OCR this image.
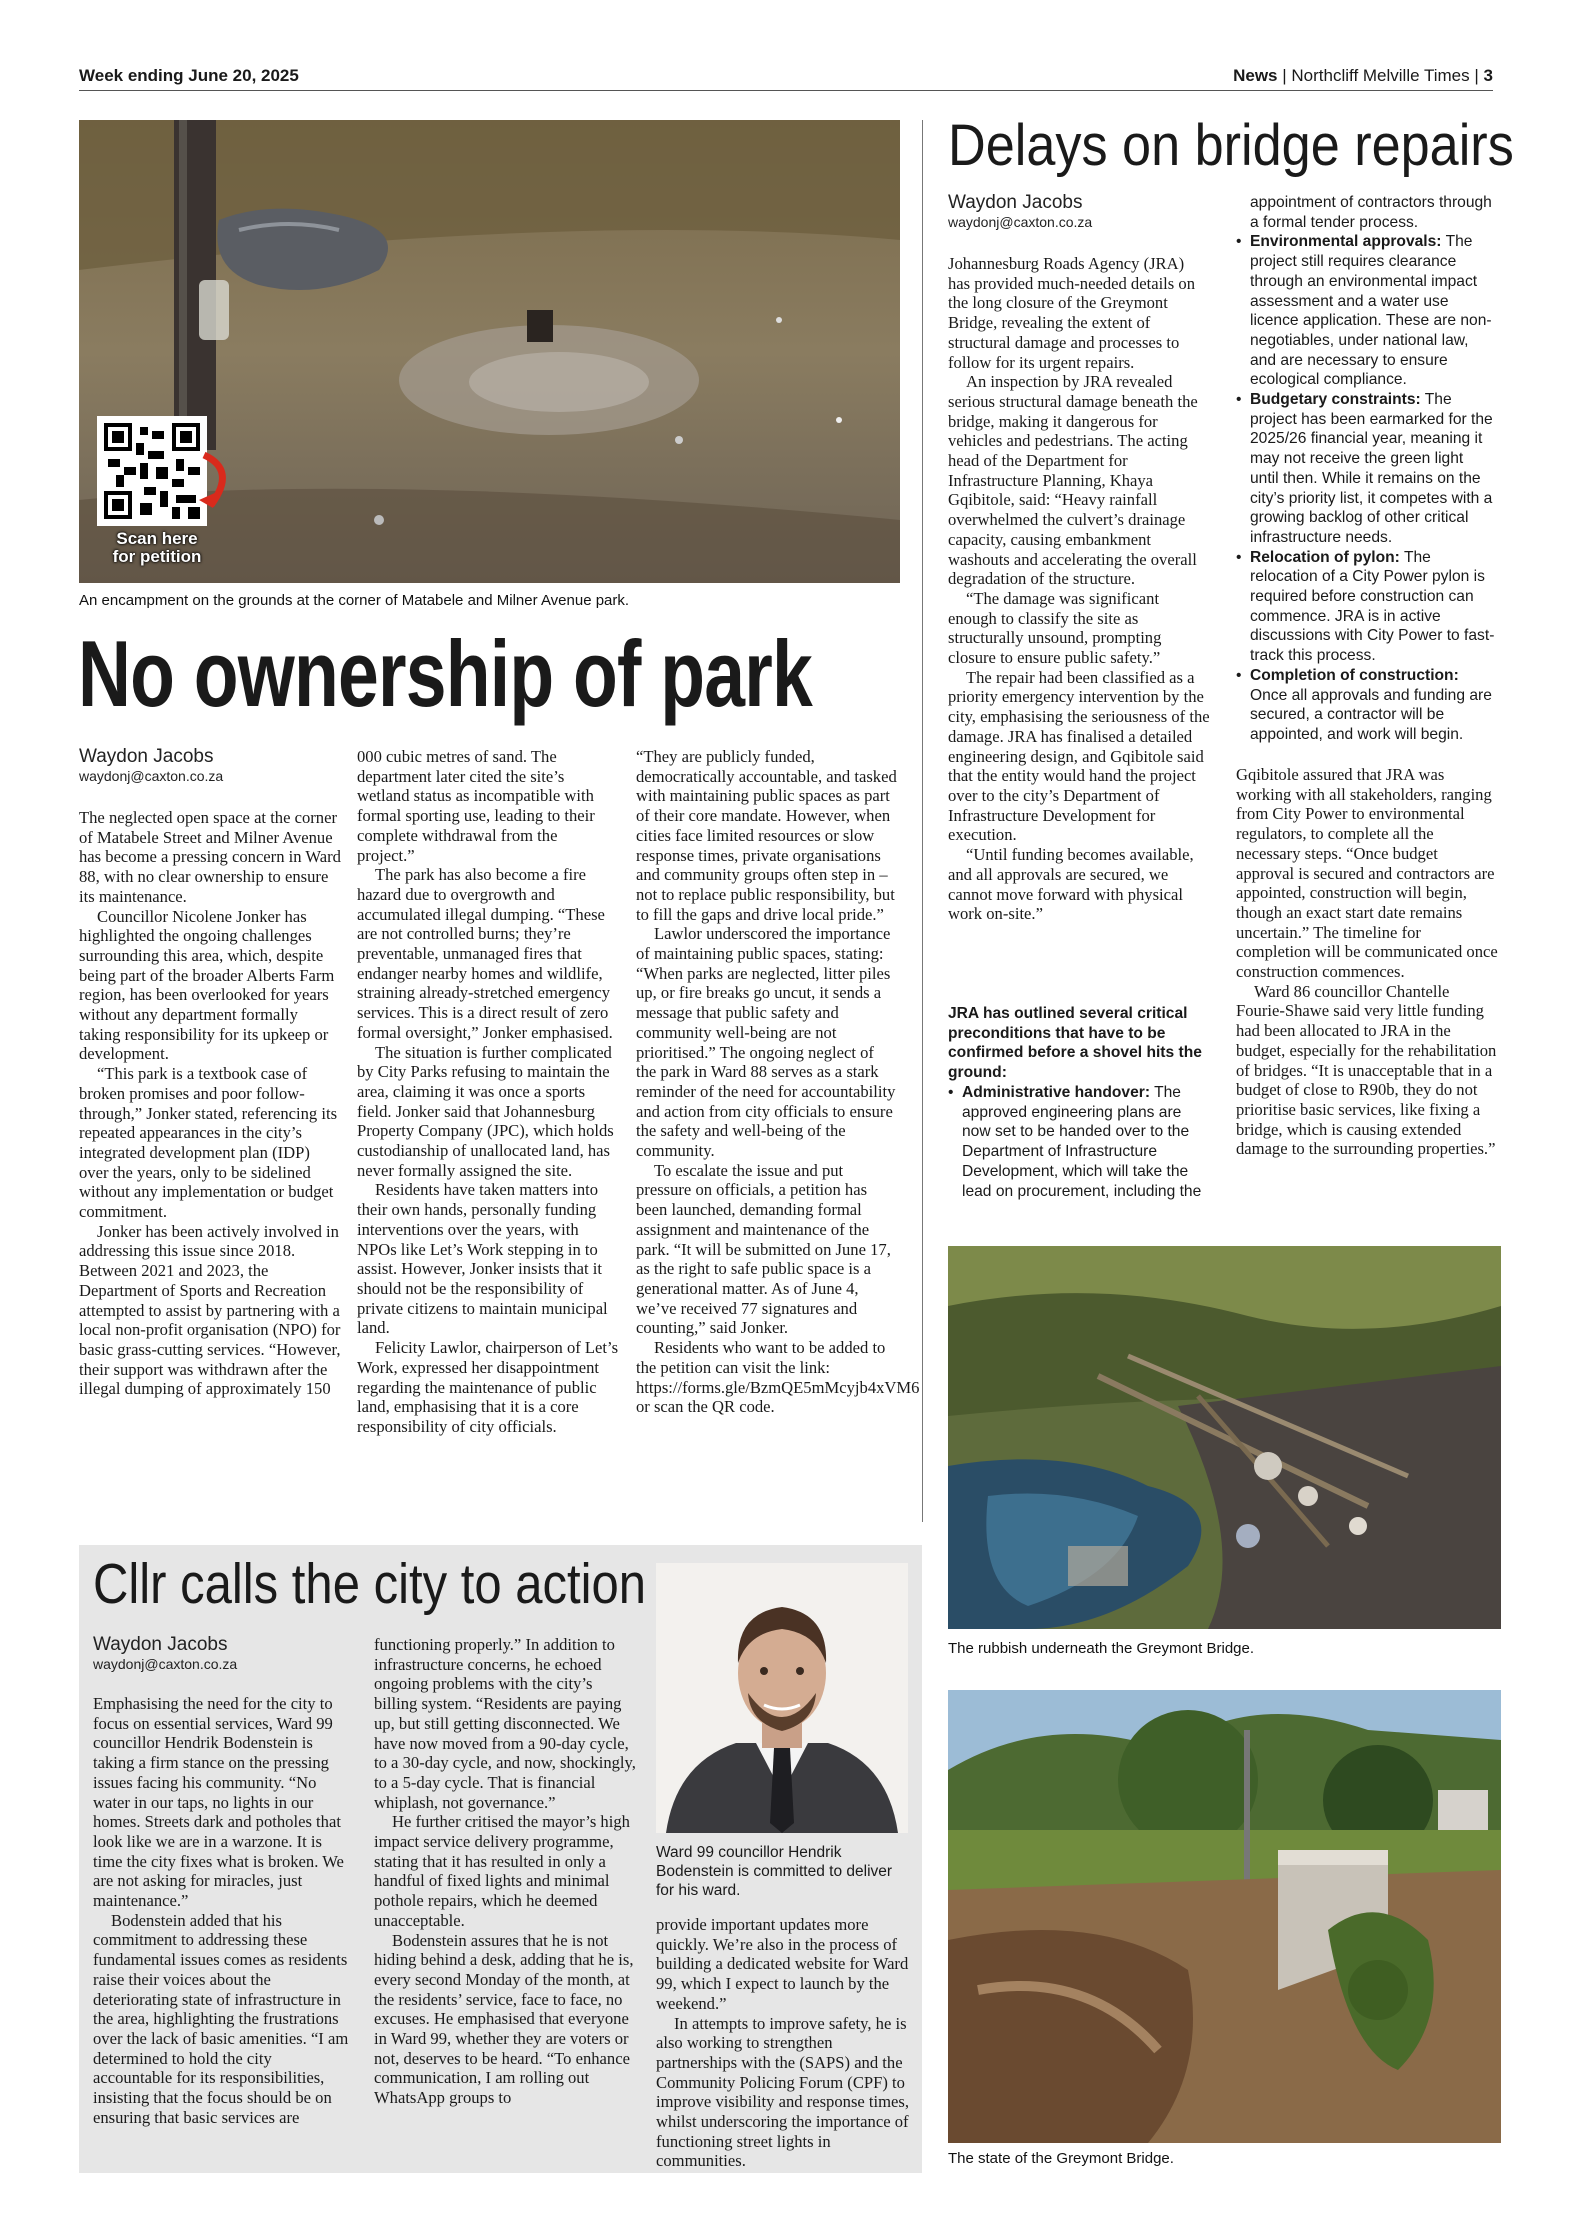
Week ending June 20, 2025	News | Northcliff Melville Times | 3
Scan here
for petition
An encampment on the grounds at the corner of Matabele and Milner Avenue park.
No ownership of park
Waydon Jacobs
waydonj@caxton.co.za

The neglected open space at the corner of Matabele Street and Milner Avenue has become a pressing concern in Ward 88, with no clear ownership to ensure its maintenance.

Councillor Nicolene Jonker has highlighted the ongoing challenges surrounding this area, which, despite being part of the broader Alberts Farm region, has been overlooked for years without any department formally taking responsibility for its upkeep or development.

“This park is a textbook case of broken promises and poor follow-through,” Jonker stated, referencing its repeated appearances in the city’s integrated development plan (IDP) over the years, only to be sidelined without any implementation or budget commitment.

Jonker has been actively involved in addressing this issue since 2018. Between 2021 and 2023, the Department of Sports and Recreation attempted to assist by partnering with a local non-profit organisation (NPO) for basic grass-cutting services. “However, their support was withdrawn after the illegal dumping of approximately 150

000 cubic metres of sand. The department later cited the site’s wetland status as incompatible with formal sporting use, leading to their complete withdrawal from the project.”

The park has also become a fire hazard due to overgrowth and accumulated illegal dumping. “These are not controlled burns; they’re preventable, unmanaged fires that endanger nearby homes and wildlife, straining already-stretched emergency services. This is a direct result of zero formal oversight,” Jonker emphasised.

The situation is further complicated by City Parks refusing to maintain the area, claiming it was once a sports field. Jonker said that Johannesburg Property Company (JPC), which holds custodianship of unallocated land, has never formally assigned the site.

Residents have taken matters into their own hands, personally funding interventions over the years, with NPOs like Let’s Work stepping in to assist. However, Jonker insists that it should not be the responsibility of private citizens to maintain municipal land.

Felicity Lawlor, chairperson of Let’s Work, expressed her disappointment regarding the maintenance of public land, emphasising that it is a core responsibility of city officials.

“They are publicly funded, democratically accountable, and tasked with maintaining public spaces as part of their core mandate. However, when cities face limited resources or slow response times, private organisations and community groups often step in – not to replace public responsibility, but to fill the gaps and drive local pride.”

Lawlor underscored the importance of maintaining public spaces, stating: “When parks are neglected, litter piles up, or fire breaks go uncut, it sends a message that public safety and community well-being are not prioritised.” The ongoing neglect of the park in Ward 88 serves as a stark reminder of the need for accountability and action from city officials to ensure the safety and well-being of the community.

To escalate the issue and put pressure on officials, a petition has been launched, demanding formal assignment and maintenance of the park. “It will be submitted on June 17, as the right to safe public space is a generational matter. As of June 4, we’ve received 77 signatures and counting,” said Jonker.

Residents who want to be added to the petition can visit the link: https://forms.gle/BzmQE5mMcyjb4xVM6 or scan the QR code.

Delays on bridge repairs
Waydon Jacobs
waydonj@caxton.co.za

Johannesburg Roads Agency (JRA) has provided much-needed details on the long closure of the Greymont Bridge, revealing the extent of structural damage and processes to follow for its urgent repairs.

An inspection by JRA revealed serious structural damage beneath the bridge, making it dangerous for vehicles and pedestrians. The acting head of the Department for Infrastructure Planning, Khaya Gqibitole, said: “Heavy rainfall overwhelmed the culvert’s drainage capacity, causing embankment washouts and accelerating the overall degradation of the structure.

“The damage was significant enough to classify the site as structurally unsound, prompting closure to ensure public safety.”

The repair had been classified as a priority emergency intervention by the city, emphasising the seriousness of the damage. JRA has finalised a detailed engineering design, and Gqibitole said that the entity would hand the project over to the city’s Department of Infrastructure Development for execution.

“Until funding becomes available, and all approvals are secured, we cannot move forward with physical work on-site.”

JRA has outlined several critical preconditions that have to be confirmed before a shovel hits the ground:
• Administrative handover: The approved engineering plans are now set to be handed over to the Department of Infrastructure Development, which will take the lead on procurement, including the
appointment of contractors through a formal tender process.
• Environmental approvals: The project still requires clearance through an environmental impact assessment and a water use licence application. These are non-negotiables, under national law, and are necessary to ensure ecological compliance.
• Budgetary constraints: The project has been earmarked for the 2025/26 financial year, meaning it may not receive the green light until then. While it remains on the city’s priority list, it competes with a growing backlog of other critical infrastructure needs.
• Relocation of pylon: The relocation of a City Power pylon is required before construction can commence. JRA is in active discussions with City Power to fast-track this process.
• Completion of construction: Once all approvals and funding are secured, a contractor will be appointed, and work will begin.

Gqibitole assured that JRA was working with all stakeholders, ranging from City Power to environmental regulators, to complete all the necessary steps. “Once budget approval is secured and contractors are appointed, construction will begin, though an exact start date remains uncertain.” The timeline for completion will be communicated once construction commences.

Ward 86 councillor Chantelle Fourie-Shawe said very little funding had been allocated to JRA in the budget, especially for the rehabilitation of bridges. “It is unacceptable that in a budget of close to R90b, they do not prioritise basic services, like fixing a bridge, which is causing extended damage to the surrounding properties.”

The rubbish underneath the Greymont Bridge.
The state of the Greymont Bridge.
Cllr calls the city to action
Waydon Jacobs
waydonj@caxton.co.za

Emphasising the need for the city to focus on essential services, Ward 99 councillor Hendrik Bodenstein is taking a firm stance on the pressing issues facing his community. “No water in our taps, no lights in our homes. Streets dark and potholes that look like we are in a warzone. It is time the city fixes what is broken. We are not asking for miracles, just maintenance.”

Bodenstein added that his commitment to addressing these fundamental issues comes as residents raise their voices about the deteriorating state of infrastructure in the area, highlighting the frustrations over the lack of basic amenities. “I am determined to hold the city accountable for its responsibilities, insisting that the focus should be on ensuring that basic services are

functioning properly.” In addition to infrastructure concerns, he echoed ongoing problems with the city’s billing system. “Residents are paying up, but still getting disconnected. We have now moved from a 90-day cycle, to a 30-day cycle, and now, shockingly, to a 5-day cycle. That is financial whiplash, not governance.”

He further critised the mayor’s high impact service delivery programme, stating that it has resulted in only a handful of fixed lights and minimal pothole repairs, which he deemed unacceptable.

Bodenstein assures that he is not hiding behind a desk, adding that he is, every second Monday of the month, at the residents’ service, face to face, no excuses. He emphasised that everyone in Ward 99, whether they are voters or not, deserves to be heard. “To enhance communication, I am rolling out WhatsApp groups to

Ward 99 councillor Hendrik Bodenstein is committed to deliver for his ward.

provide important updates more quickly. We’re also in the process of building a dedicated website for Ward 99, which I expect to launch by the weekend.”

In attempts to improve safety, he is also working to strengthen partnerships with the (SAPS) and the Community Policing Forum (CPF) to improve visibility and response times, whilst underscoring the importance of functioning street lights in communities.
